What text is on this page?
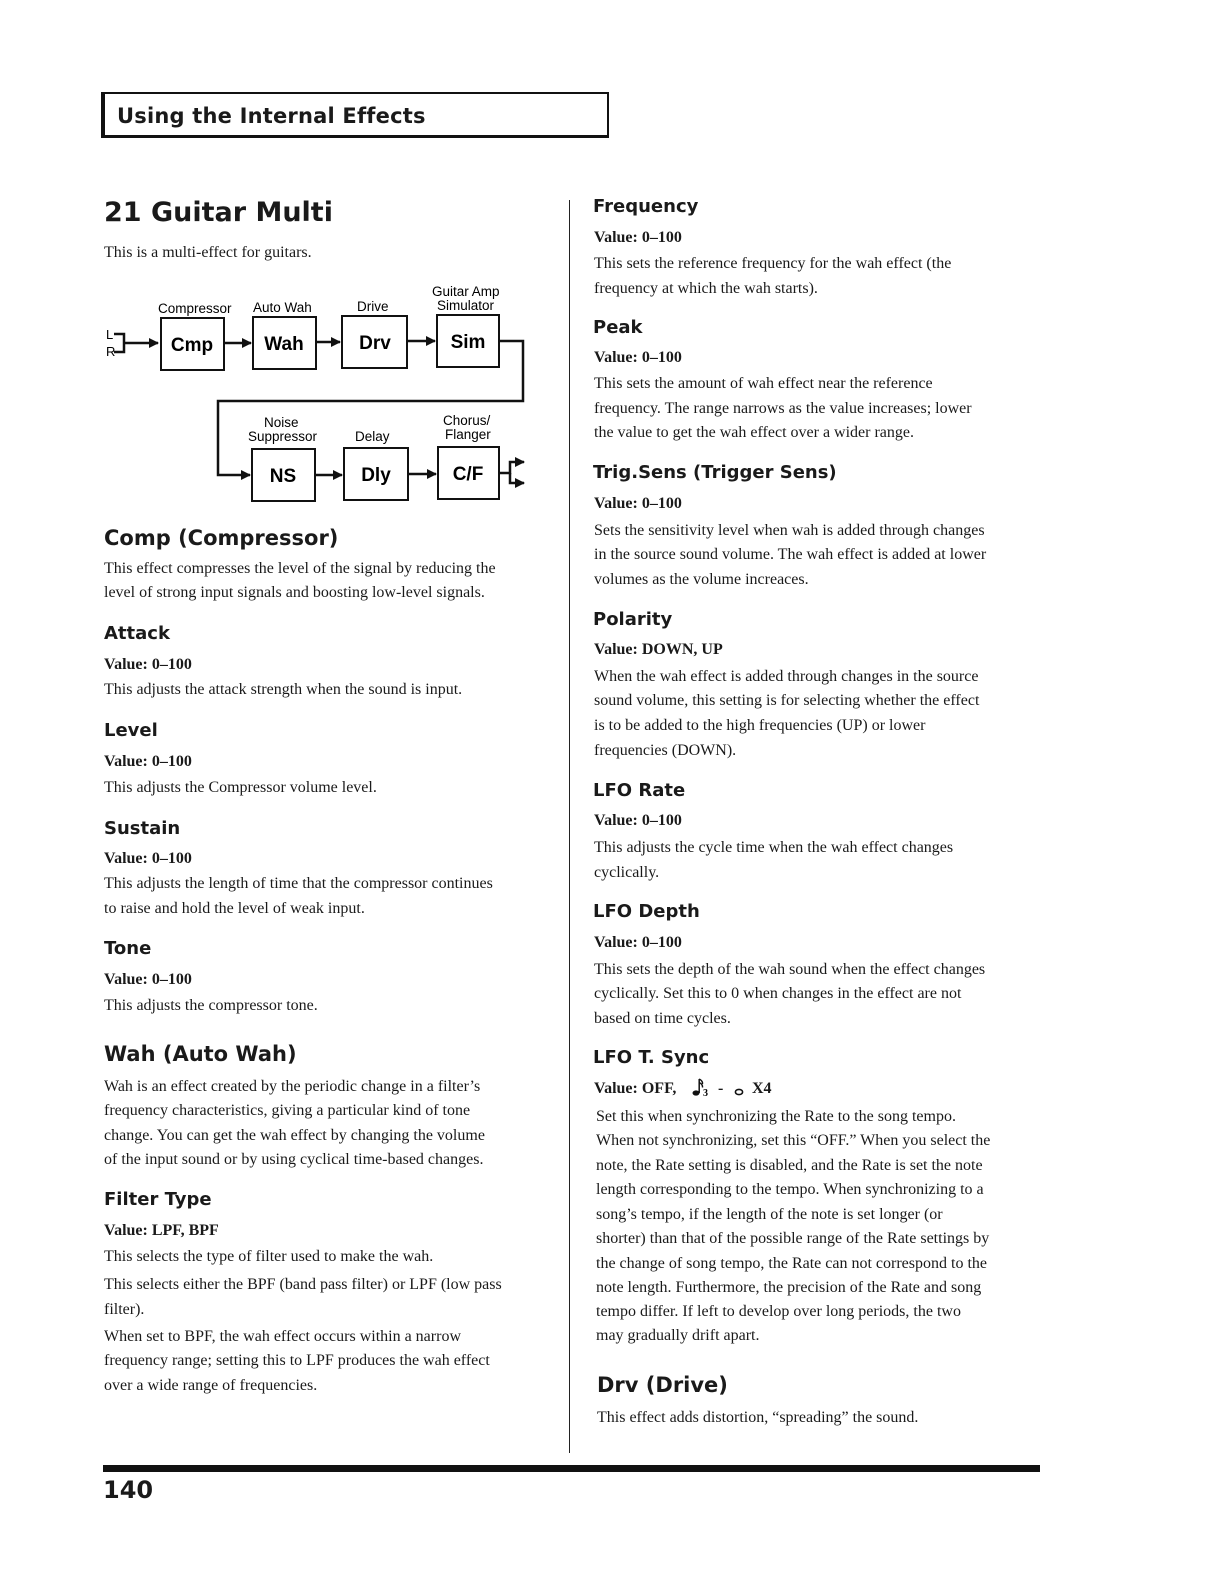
Using the Internal Effects
21 Guitar Multi
This is a multi-effect for guitars.
L
R
Compressor Auto Wah	Drive
Guitar Amp
Simulator
Cmp	Wah	Drv	Sim
Noise
Suppressor	Delay
Chorus/
Flanger
NS	Dly	C/F
Comp (Compressor)
This effect compresses the level of the signal by reducing the
level of strong input signals and boosting low-level signals.
Attack
Value: 0–100
This adjusts the attack strength when the sound is input.
Level
Value: 0–100
This adjusts the Compressor volume level.
Sustain
Value: 0–100
This adjusts the length of time that the compressor continues
to raise and hold the level of weak input.
Tone
Value: 0–100
This adjusts the compressor tone.
Wah (Auto Wah)
Wah is an effect created by the periodic change in a filter’s
frequency characteristics, giving a particular kind of tone
change. You can get the wah effect by changing the volume
of the input sound or by using cyclical time-based changes.
Filter Type
Value: LPF, BPF
This selects the type of filter used to make the wah.
This selects either the BPF (band pass filter) or LPF (low pass
filter).
When set to BPF, the wah effect occurs within a narrow
frequency range; setting this to LPF produces the wah effect
over a wide range of frequencies.
Frequency
Value: 0–100
This sets the reference frequency for the wah effect (the
frequency at which the wah starts).
Peak
Value: 0–100
This sets the amount of wah effect near the reference
frequency. The range narrows as the value increases; lower
the value to get the wah effect over a wider range.
Trig.Sens (Trigger Sens)
Value: 0–100
Sets the sensitivity level when wah is added through changes
in the source sound volume. The wah effect is added at lower
volumes as the volume increaces.
Polarity
Value: DOWN, UP
When the wah effect is added through changes in the source
sound volume, this setting is for selecting whether the effect
is to be added to the high frequencies (UP) or lower
frequencies (DOWN).
LFO Rate
Value: 0–100
This adjusts the cycle time when the wah effect changes
cyclically.
LFO Depth
Value: 0–100
This sets the depth of the wah sound when the effect changes
cyclically. Set this to 0 when changes in the effect are not
based on time cycles.
LFO T. Sync
Value: OFF,	3 - X4
Set this when synchronizing the Rate to the song tempo.
When not synchronizing, set this “OFF.” When you select the
note, the Rate setting is disabled, and the Rate is set the note
length corresponding to the tempo. When synchronizing to a
song’s tempo, if the length of the note is set longer (or
shorter) than that of the possible range of the Rate settings by
the change of song tempo, the Rate can not correspond to the
note length. Furthermore, the precision of the Rate and song
tempo differ. If left to develop over long periods, the two
may gradually drift apart.
Drv (Drive)
This effect adds distortion, “spreading” the sound.
140
